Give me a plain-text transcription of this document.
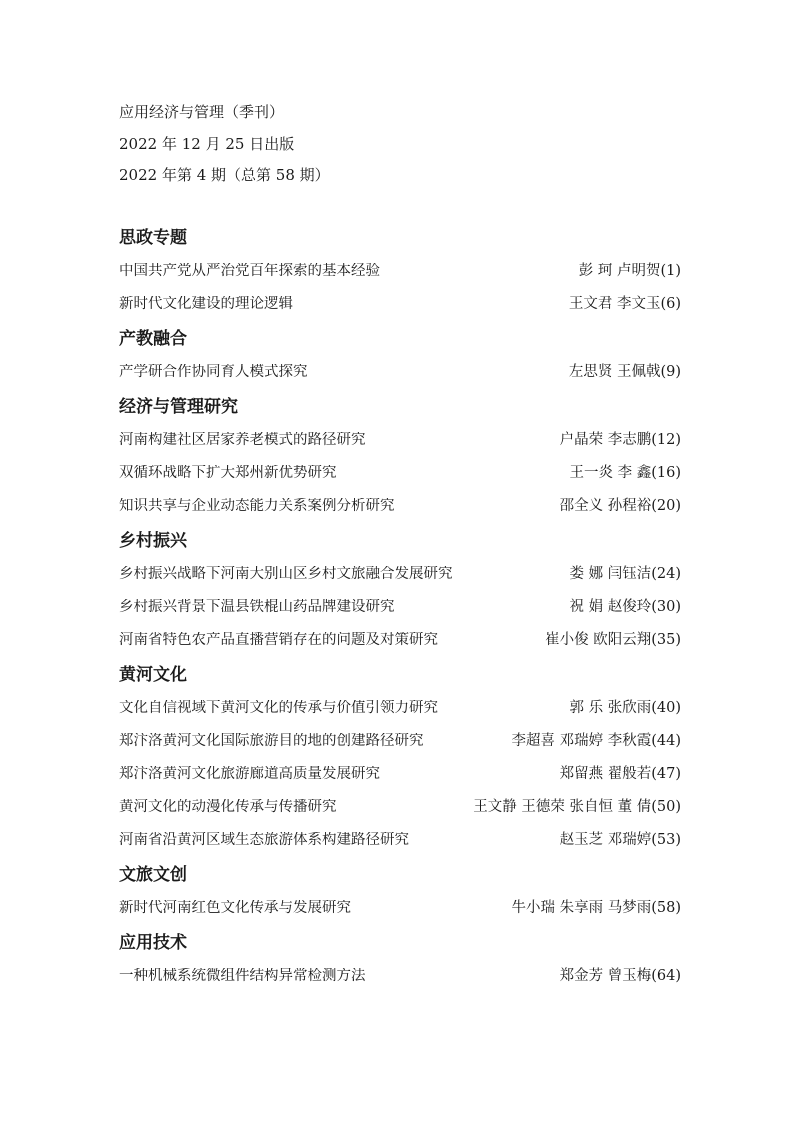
应用经济与管理（季刊）
2022 年 12 月 25 日出版
2022 年第 4 期（总第 58 期）
思政专题
中国共产党从严治党百年探索的基本经验	彭 珂 卢明贺(1)
新时代文化建设的理论逻辑	王文君 李文玉(6)
产教融合
产学研合作协同育人模式探究	左思贤 王佩戟(9)
经济与管理研究
河南构建社区居家养老模式的路径研究	户晶荣 李志鹏(12)
双循环战略下扩大郑州新优势研究	王一炎 李 鑫(16)
知识共享与企业动态能力关系案例分析研究	邵全义 孙程裕(20)
乡村振兴
乡村振兴战略下河南大别山区乡村文旅融合发展研究	娄 娜 闫钰洁(24)
乡村振兴背景下温县铁棍山药品牌建设研究	祝 娟 赵俊玲(30)
河南省特色农产品直播营销存在的问题及对策研究	崔小俊 欧阳云翔(35)
黄河文化
文化自信视域下黄河文化的传承与价值引领力研究	郭 乐 张欣雨(40)
郑汴洛黄河文化国际旅游目的地的创建路径研究	李超喜 邓瑞婷 李秋霞(44)
郑汴洛黄河文化旅游廊道高质量发展研究	郑留燕 翟般若(47)
黄河文化的动漫化传承与传播研究	王文静 王德荣 张自恒 董 倩(50)
河南省沿黄河区域生态旅游体系构建路径研究	赵玉芝 邓瑞婷(53)
文旅文创
新时代河南红色文化传承与发展研究	牛小瑞 朱享雨 马梦雨(58)
应用技术
一种机械系统微组件结构异常检测方法	郑金芳 曾玉梅(64)
